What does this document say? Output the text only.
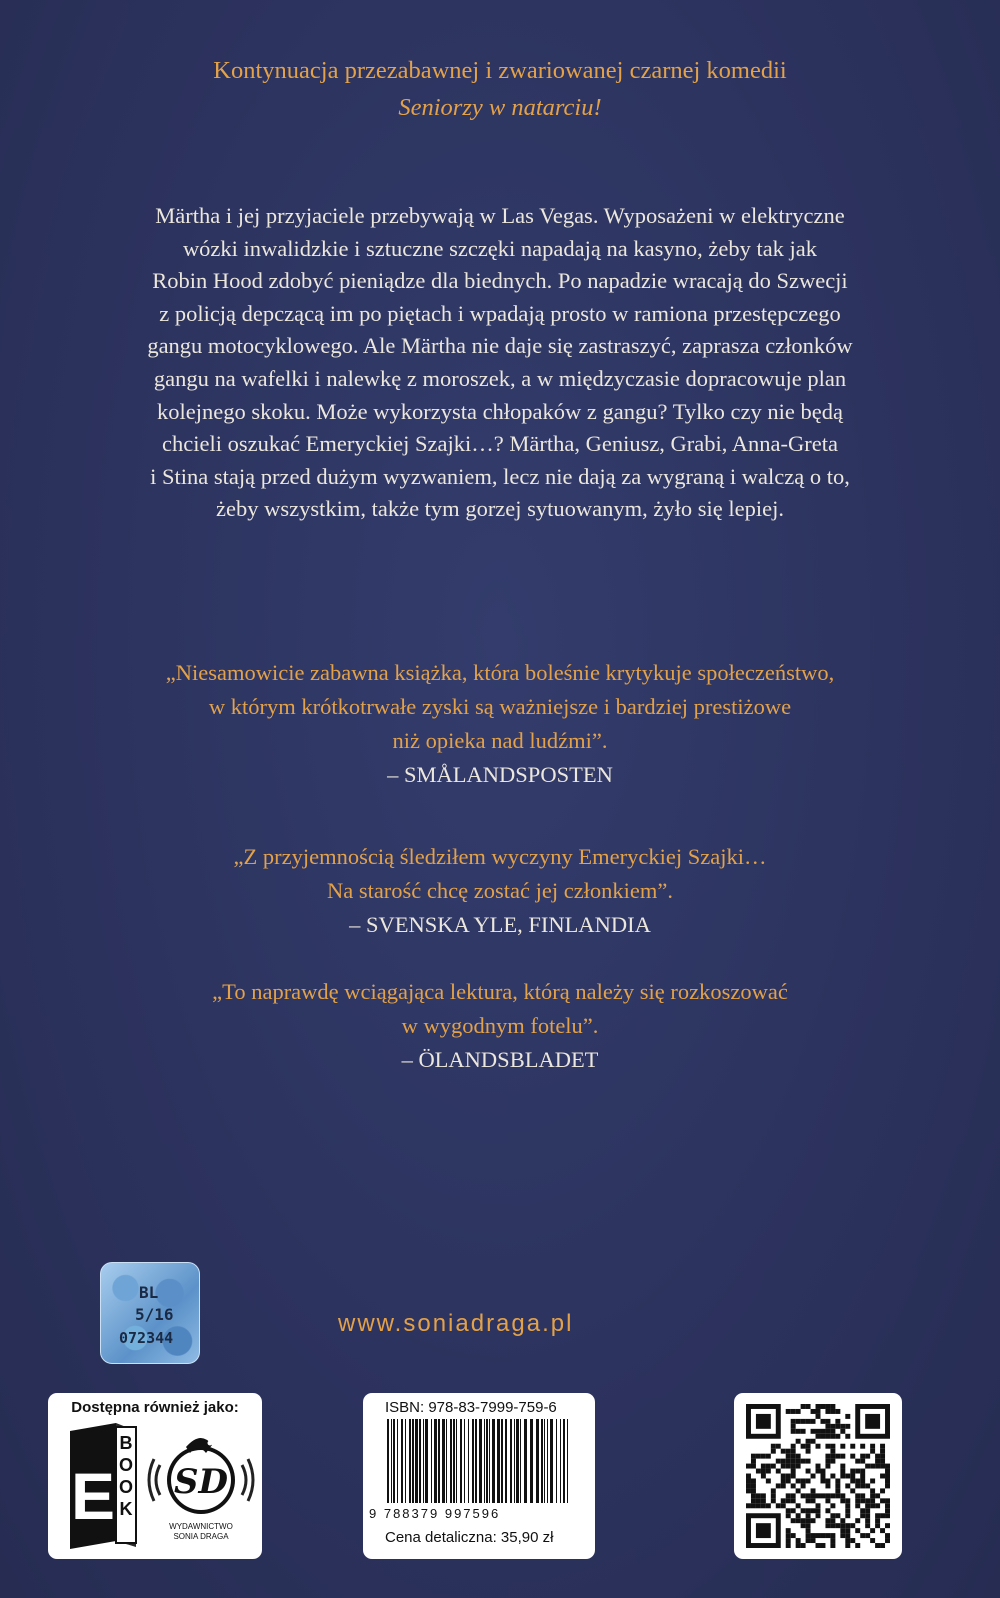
Kontynuacja przezabawnej i zwariowanej czarnej komedii
Seniorzy w natarciu!
Märtha i jej przyjaciele przebywają w Las Vegas. Wyposażeni w elektryczne
wózki inwalidzkie i sztuczne szczęki napadają na kasyno, żeby tak jak
Robin Hood zdobyć pieniądze dla biednych. Po napadzie wracają do Szwecji
z policją depczącą im po piętach i wpadają prosto w ramiona przestępczego
gangu motocyklowego. Ale Märtha nie daje się zastraszyć, zaprasza członków
gangu na wafelki i nalewkę z moroszek, a w międzyczasie dopracowuje plan
kolejnego skoku. Może wykorzysta chłopaków z gangu? Tylko czy nie będą
chcieli oszukać Emeryckiej Szajki…? Märtha, Geniusz, Grabi, Anna-Greta
i Stina stają przed dużym wyzwaniem, lecz nie dają za wygraną i walczą o to,
żeby wszystkim, także tym gorzej sytuowanym, żyło się lepiej.
„Niesamowicie zabawna książka, która boleśnie krytykuje społeczeństwo,
w którym krótkotrwałe zyski są ważniejsze i bardziej prestiżowe
niż opieka nad ludźmi”.
– SMÅLANDSPOSTEN
„Z przyjemnością śledziłem wyczyny Emeryckiej Szajki…
Na starość chcę zostać jej członkiem”.
– SVENSKA YLE, FINLANDIA
„To naprawdę wciągająca lektura, którą należy się rozkoszować
w wygodnym fotelu”.
– ÖLANDSBLADET
BL
5/16
072344
www.soniadraga.pl
Dostępna również jako:
E
B
O
O
K
SD
WYDAWNICTWO
SONIA DRAGA
ISBN: 978-83-7999-759-6
9 788379 997596
Cena detaliczna: 35,90 zł
